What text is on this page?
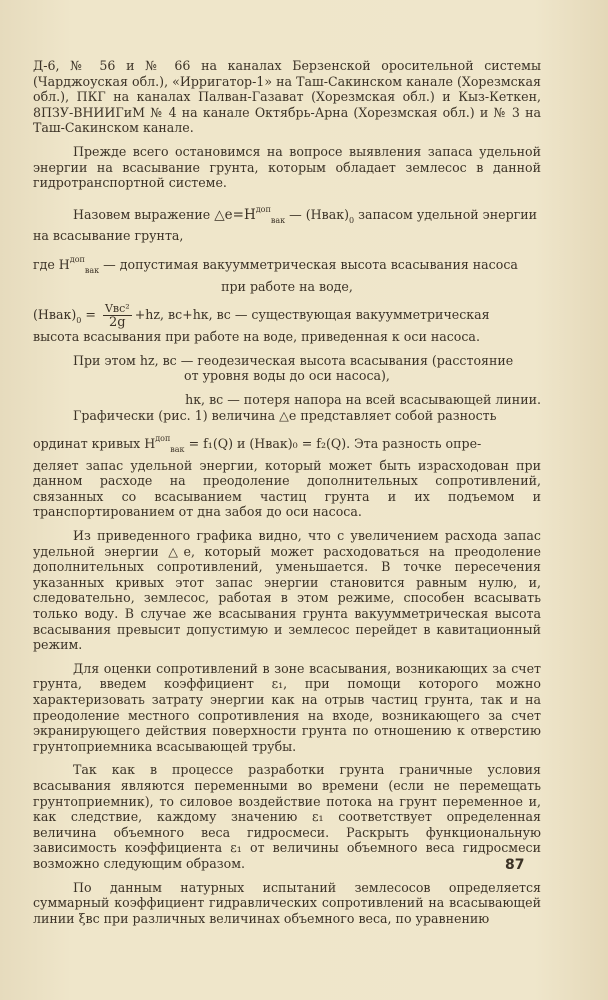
Д-6, № 56 и № 66 на каналах Берзенской оросительной системы (Чарджоуская обл.), «Ирригатор-1» на Таш-Сакинском канале (Хорезмская обл.), ПКГ на каналах Палван-Газават (Хорезмская обл.) и Кыз-Кеткен, 8ПЗУ-ВНИИГиМ № 4 на канале Октябрь-Арна (Хорезмская обл.) и № 3 на Таш-Сакинском канале.

Прежде всего остановимся на вопросе выявления запаса удельной энергии на всасывание грунта, которым обладает землесос в данной гидротранспортной системе.

Назовем выражение $\triangle e=H^{доп}_{вак}$ — $(Hвак)_0$ запасом удельной энергии

на всасывание грунта,

где $H^{доп}_{вак}$ — допустимая вакуумметрическая высота всасывания насоса

при работе на воде,

$(Hвак)_0 = \frac{\text{Vвс²}}{2g} +hz$, вс+hк, вс — существующая вакуумметрическая

высота всасывания при работе на воде, приведенная к оси насоса.

При этом hz, вс — геодезическая высота всасывания (расстояние

от уровня воды до оси насоса),

hк, вс — потеря напора на всей всасывающей линии.

Графически (рис. 1) величина △e представляет собой разность

ординат кривых $H^{доп}_{вак} = f_1(Q)$ и (Hвак)₀ = f₂(Q). Эта разность опре-

деляет запас удельной энергии, который может быть израсходован при данном расходе на преодоление дополнительных сопротивлений, связанных со всасыванием частиц грунта и их подъемом и транспортированием от дна забоя до оси насоса.

Из приведенного графика видно, что с увеличением расхода запас удельной энергии △e, который может расходоваться на преодоление дополнительных сопротивлений, уменьшается. В точке пересечения указанных кривых этот запас энергии становится равным нулю, и, следовательно, землесос, работая в этом режиме, способен всасывать только воду. В случае же всасывания грунта вакуумметрическая высота всасывания превысит допустимую и землесос перейдет в кавитационный режим.

Для оценки сопротивлений в зоне всасывания, возникающих за счет грунта, введем коэффициент ε₁, при помощи которого можно характеризовать затрату энергии как на отрыв частиц грунта, так и на преодоление местного сопротивления на входе, возникающего за счет экранирующего действия поверхности грунта по отношению к отверстию грунтоприемника всасывающей трубы.

Так как в процессе разработки грунта граничные условия всасывания являются переменными во времени (если не перемещать грунтоприемник), то силовое воздействие потока на грунт переменное и, как следствие, каждому значению ε₁ соответствует определенная величина объемного веса гидросмеси. Раскрыть функциональную зависимость коэффициента ε₁ от величины объемного веса гидросмеси возможно следующим образом.

По данным натурных испытаний землесосов определяется суммарный коэффициент гидравлических сопротивлений на всасывающей линии ξвс при различных величинах объемного веса, по уравнению

87
